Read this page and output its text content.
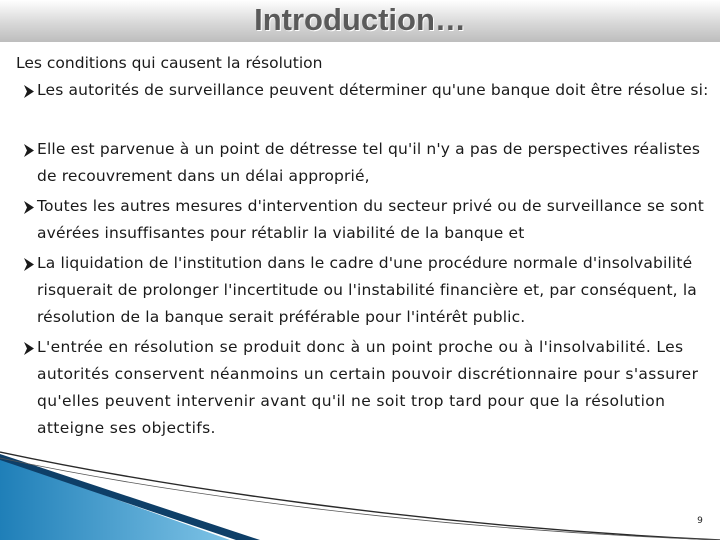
Introduction…
Les conditions qui causent la résolution
Les autorités de surveillance peuvent déterminer qu'une banque doit être résolue si:
Elle est parvenue à un point de détresse tel qu'il n'y a pas de perspectives réalistes de recouvrement dans un délai approprié,
Toutes les autres mesures d'intervention du secteur privé ou de surveillance se sont avérées insuffisantes pour rétablir la viabilité de la banque et
La liquidation de l'institution dans le cadre d'une procédure normale d'insolvabilité risquerait de prolonger l'incertitude ou l'instabilité financière et, par conséquent, la résolution de la banque serait préférable pour l'intérêt public.
L'entrée en résolution se produit donc à un point proche ou à l'insolvabilité. Les autorités conservent néanmoins un certain pouvoir discrétionnaire pour s'assurer qu'elles peuvent intervenir avant qu'il ne soit trop tard pour que la résolution atteigne ses objectifs.
9
